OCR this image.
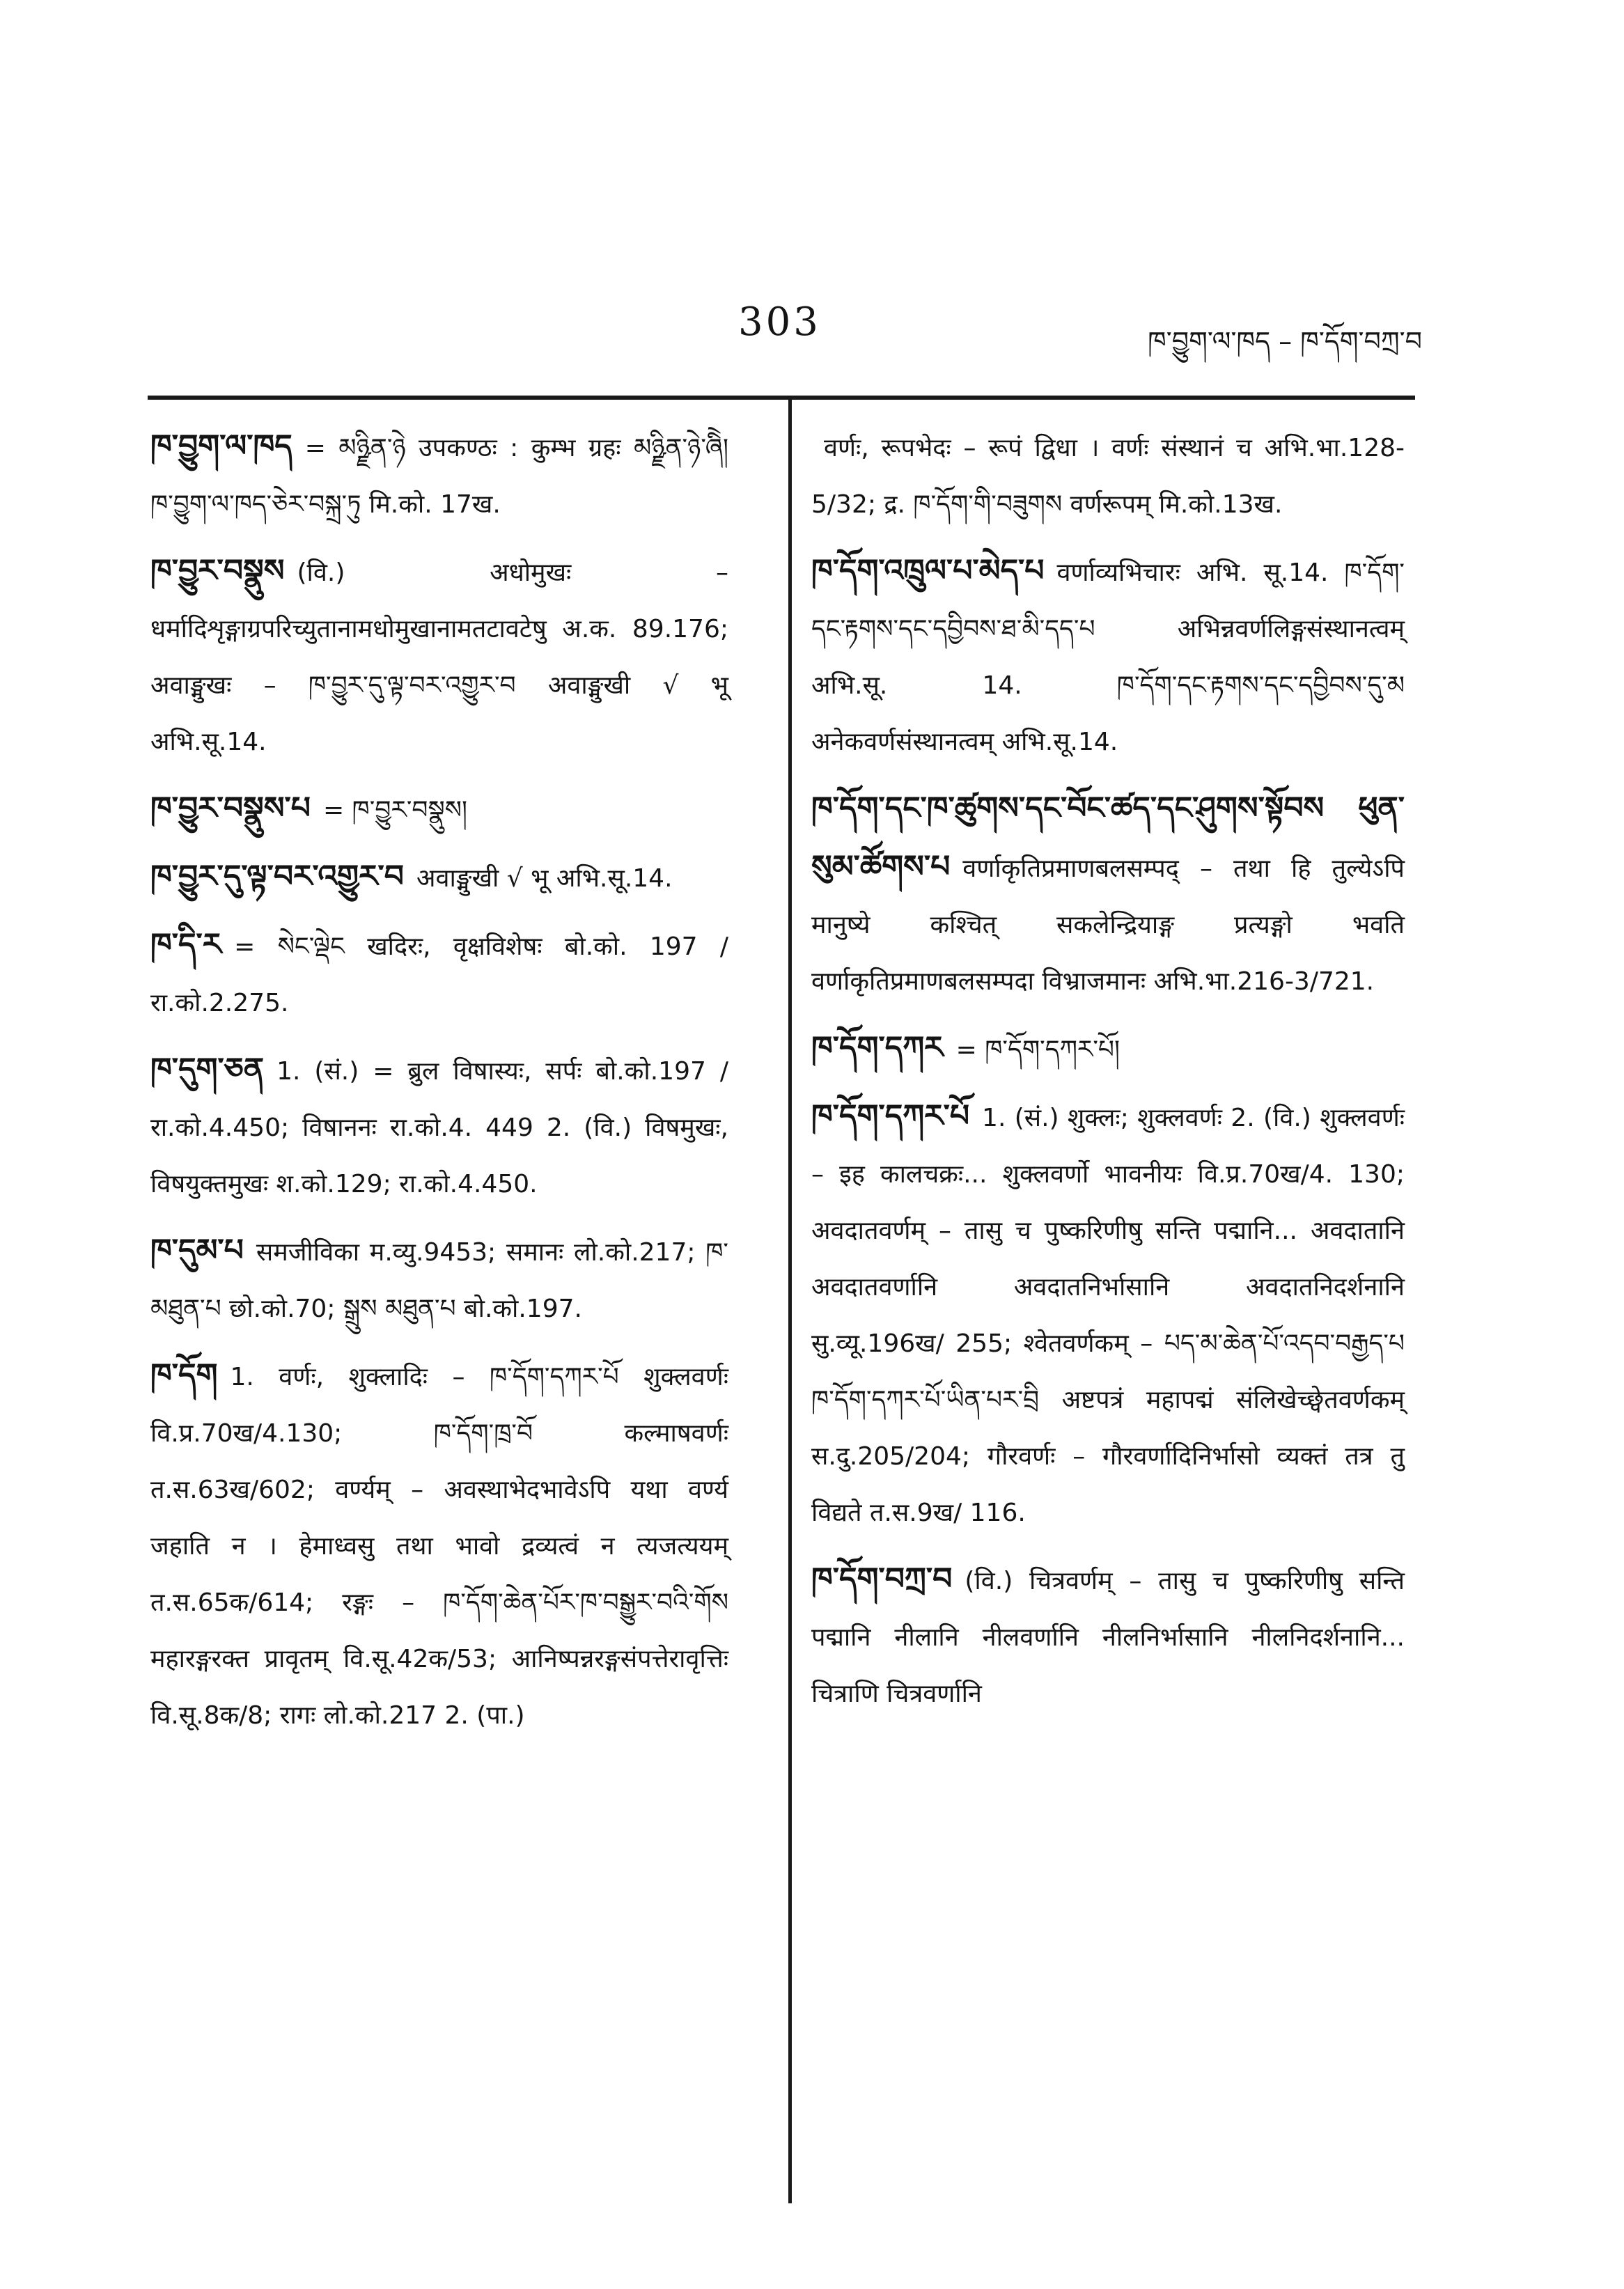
303	ཁ་བྱུག་ལ་ཁད – ཁ་དོག་བཀྲ་བ

ཁ་བྱུག་ལ་ཁད = མཉྫིན་ཉེ उपकण्ठः : कुम्भ ग्रहः མཉྫིན་ཉེ་ཞིེ། ཁ་བྱུག་ལ་ཁད་ཅེར་བསྐྲ་ཏུ मि.को. 17ख.

ཁ་བྱུར་བསྣུས (वि.) अधोमुखः – धर्मादिशृङ्गाग्रपरिच्युतानामधोमुखानामतटावटेषु अ.क. 89.176; अवाङ्मुखः – ཁ་བྱུར་དུ་ལྟ་བར་འགྱུར་བ अवाङ्मुखी √ भू अभि.सू.14.

ཁ་བྱུར་བསྣུས་པ = ཁ་བྱུར་བསྣུས།

ཁ་བྱུར་དུ་ལྟ་བར་འགྱུར་བ अवाङ्मुखी √ भू अभि.सू.14.

ཁ་དི་ར = སེང་ལྡེང खदिरः, वृक्षविशेषः बो.को. 197 / रा.को.2.275.

ཁ་དུག་ཅན 1. (सं.) = ब्रुल विषास्यः, सर्पः बो.को.197 / रा.को.4.450; विषाननः रा.को.4. 449 2. (वि.) विषमुखः, विषयुक्तमुखः श.को.129; रा.को.4.450.

ཁ་དུམ་པ समजीविका म.व्यु.9453; समानः लो.को.217; ཁ་མཐུན་པ छो.को.70; སྒྲུས མཐུན་པ बो.को.197.

ཁ་དོག 1. वर्णः, शुक्लादिः – ཁ་དོག་དཀར་པོ शुक्लवर्णः वि.प्र.70ख/4.130; ཁ་དོག་ཁྲ་བོ कल्माषवर्णः त.स.63ख/602; वर्ण्यम् – अवस्थाभेदभावेऽपि यथा वर्ण्य जहाति न । हेमाध्वसु तथा भावो द्रव्यत्वं न त्यजत्ययम् त.स.65क/614; रङ्गः – ཁ་དོག་ཆེན་པོར་ཁ་བསྒྱུར་བའི་གོས महारङ्गरक्त प्रावृतम् वि.सू.42क/53; आनिष्पन्नरङ्गसंपत्तेरावृत्तिः वि.सू.8क/8; रागः लो.को.217 2. (पा.)

वर्णः, रूपभेदः – रूपं द्विधा । वर्णः संस्थानं च अभि.भा.128-5/32; द्र. ཁ་དོག་གི་བཟུགས वर्णरूपम् मि.को.13ख.

ཁ་དོག་འཁྲུལ་པ་མེད་པ वर्णाव्यभिचारः अभि. सू.14. ཁ་དོག་དང་རྟགས་དང་དབྱིབས་ཐ་མི་དད་པ अभिन्नवर्णलिङ्गसंस्थानत्वम् अभि.सू. 14. ཁ་དོག་དང་རྟགས་དང་དབྱིབས་དུ་མ अनेकवर्णसंस्थानत्वम् अभि.सू.14.

ཁ་དོག་དང་ཁ་ཚུགས་དང་བོང་ཚད་དང་ཤུགས་སྟོབས ཕུན་སུམ་ཚོགས་པ वर्णाकृतिप्रमाणबलसम्पद् – तथा हि तुल्येऽपि मानुष्ये कश्चित् सकलेन्द्रियाङ्ग प्रत्यङ्गो भवति वर्णाकृतिप्रमाणबलसम्पदा विभ्राजमानः अभि.भा.216-3/721.

ཁ་དོག་དཀར = ཁ་དོག་དཀར་པོ།

ཁ་དོག་དཀར་པོ 1. (सं.) शुक्लः; शुक्लवर्णः 2. (वि.) शुक्लवर्णः – इह कालचक्रः... शुक्लवर्णो भावनीयः वि.प्र.70ख/4. 130; अवदातवर्णम् – तासु च पुष्करिणीषु सन्ति पद्मानि... अवदातानि अवदातवर्णानि अवदातनिर्भासानि अवदातनिदर्शनानि सु.व्यू.196ख/ 255; श्वेतवर्णकम् – པད་མ་ཆེན་པོ་འདབ་བརྒྱད་པ ཁ་དོག་དཀར་པོ་ཡིན་པར་བྲི अष्टपत्रं महापद्मं संलिखेच्छ्वेतवर्णकम् स.दु.205/204; गौरवर्णः – गौरवर्णादिनिर्भासो व्यक्तं तत्र तु विद्यते त.स.9ख/ 116.

ཁ་དོག་བཀྲ་བ (वि.) चित्रवर्णम् – तासु च पुष्करिणीषु सन्ति पद्मानि नीलानि नीलवर्णानि नीलनिर्भासानि नीलनिदर्शनानि... चित्राणि चित्रवर्णानि
